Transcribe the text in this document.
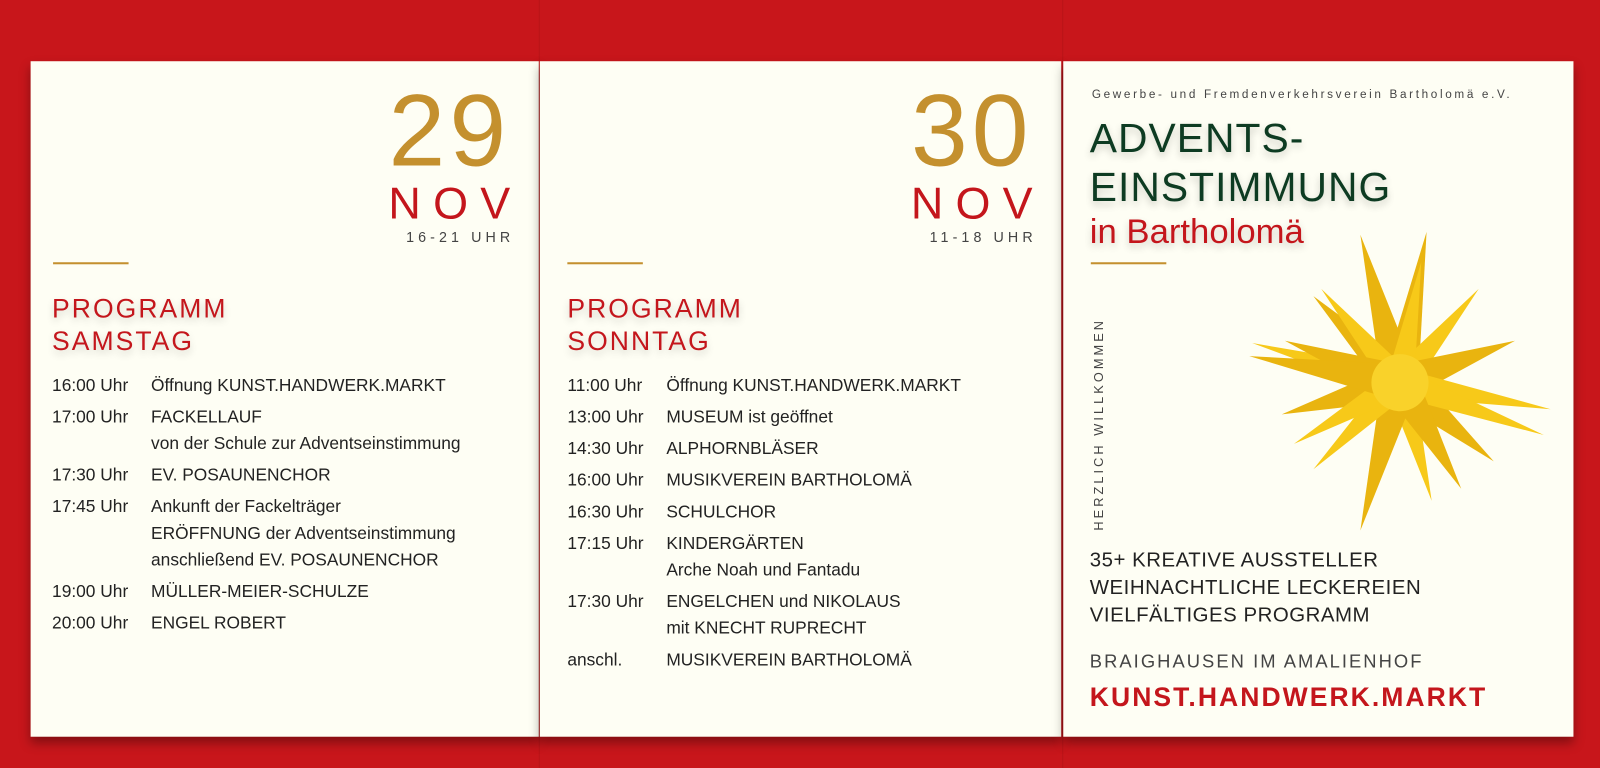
29
NOV
16-21 UHR
PROGRAMM
SAMSTAG
16:00 Uhr	Öffnung KUNST.HANDWERK.MARKT
17:00 Uhr	FACKELLAUF
von der Schule zur Adventseinstimmung
17:30 Uhr	EV. POSAUNENCHOR
17:45 Uhr	Ankunft der Fackelträger
ERÖFFNUNG der Adventseinstimmung
anschließend EV. POSAUNENCHOR
19:00 Uhr	MÜLLER-MEIER-SCHULZE
20:00 Uhr	ENGEL ROBERT
30
NOV
11-18 UHR
PROGRAMM
SONNTAG
11:00 Uhr	Öffnung KUNST.HANDWERK.MARKT
13:00 Uhr	MUSEUM ist geöffnet
14:30 Uhr	ALPHORNBLÄSER
16:00 Uhr	MUSIKVEREIN BARTHOLOMÄ
16:30 Uhr	SCHULCHOR
17:15 Uhr	KINDERGÄRTEN
Arche Noah und Fantadu
17:30 Uhr	ENGELCHEN und NIKOLAUS
mit KNECHT RUPRECHT
anschl.	MUSIKVEREIN BARTHOLOMÄ
Gewerbe- und Fremdenverkehrsverein Bartholomä e.V.
ADVENTS-
EINSTIMMUNG
in Bartholomä
HERZLICH WILLKOMMEN
35+ KREATIVE AUSSTELLER
WEIHNACHTLICHE LECKEREIEN
VIELFÄLTIGES PROGRAMM
BRAIGHAUSEN IM AMALIENHOF
KUNST.HANDWERK.MARKT
